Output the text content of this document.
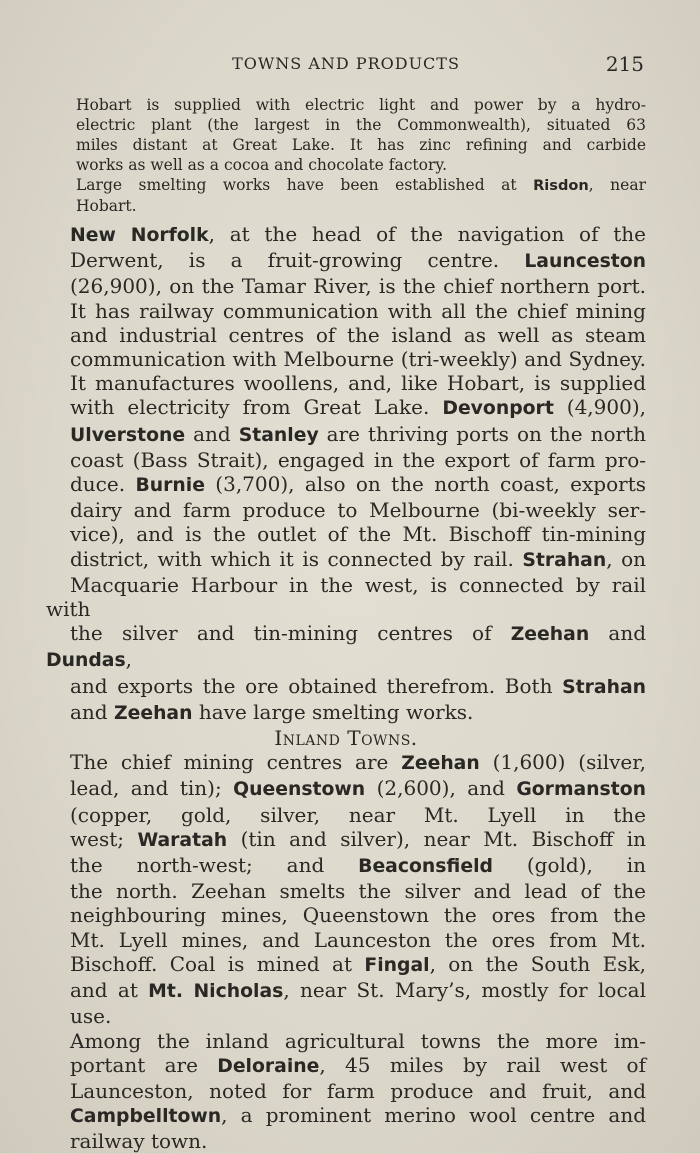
TOWNS AND PRODUCTS	215

Hobart is supplied with electric light and power by a hydro-
electric plant (the largest in the Commonwealth), situated 63
miles distant at Great Lake. It has zinc refining and carbide
works as well as a cocoa and chocolate factory.

Large smelting works have been established at Risdon, near
Hobart.

New Norfolk, at the head of the navigation of the
Derwent, is a fruit-growing centre. Launceston
(26,900), on the Tamar River, is the chief northern port.
It has railway communication with all the chief mining
and industrial centres of the island as well as steam
communication with Melbourne (tri-weekly) and Sydney.
It manufactures woollens, and, like Hobart, is supplied
with electricity from Great Lake. Devonport (4,900),
Ulverstone and Stanley are thriving ports on the north
coast (Bass Strait), engaged in the export of farm pro-
duce. Burnie (3,700), also on the north coast, exports
dairy and farm produce to Melbourne (bi-weekly ser-
vice), and is the outlet of the Mt. Bischoff tin-mining
district, with which it is connected by rail. Strahan, on
Macquarie Harbour in the west, is connected by rail with
the silver and tin-mining centres of Zeehan and Dundas,
and exports the ore obtained therefrom. Both Strahan
and Zeehan have large smelting works.

Inland Towns.

The chief mining centres are Zeehan (1,600) (silver,
lead, and tin); Queenstown (2,600), and Gormanston
(copper, gold, silver, near Mt. Lyell in the
west; Waratah (tin and silver), near Mt. Bischoff in
the north-west; and Beaconsfield (gold), in
the north. Zeehan smelts the silver and lead of the
neighbouring mines, Queenstown the ores from the
Mt. Lyell mines, and Launceston the ores from Mt.
Bischoff. Coal is mined at Fingal, on the South Esk,
and at Mt. Nicholas, near St. Mary’s, mostly for local
use.

Among the inland agricultural towns the more im-
portant are Deloraine, 45 miles by rail west of
Launceston, noted for farm produce and fruit, and
Campbelltown, a prominent merino wool centre and
railway town.
